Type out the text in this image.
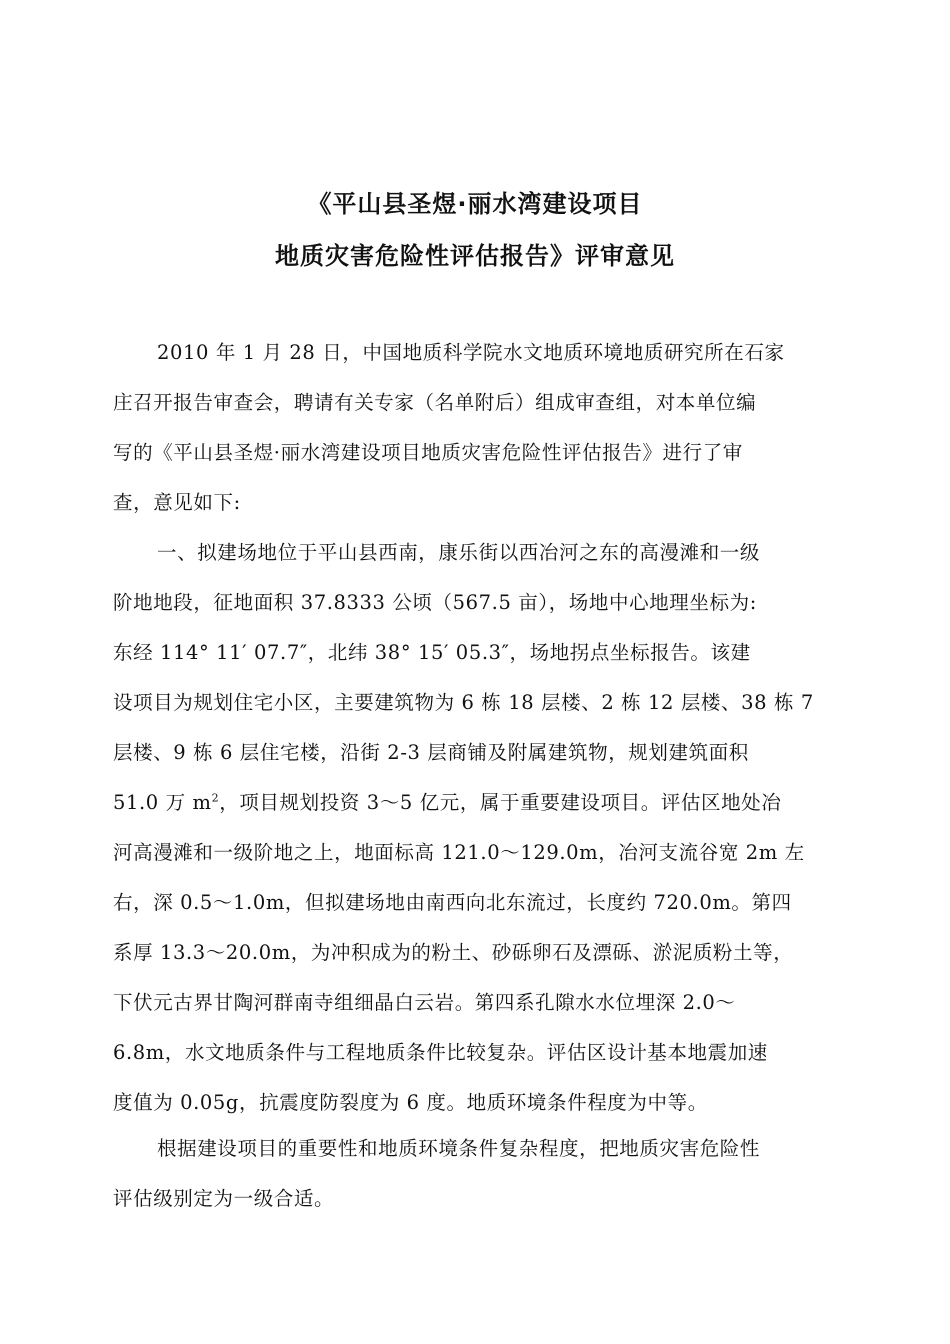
《平山县圣煜·丽水湾建设项目
地质灾害危险性评估报告》评审意见
2010 年 1 月 28 日，中国地质科学院水文地质环境地质研究所在石家
庄召开报告审查会，聘请有关专家（名单附后）组成审查组，对本单位编
写的《平山县圣煜·丽水湾建设项目地质灾害危险性评估报告》进行了审
查，意见如下:
一、拟建场地位于平山县西南，康乐街以西冶河之东的高漫滩和一级
阶地地段，征地面积 37.8333 公顷（567.5 亩），场地中心地理坐标为:
东经 114° 11′ 07.7″，北纬 38° 15′ 05.3″，场地拐点坐标报告。该建
设项目为规划住宅小区，主要建筑物为 6 栋 18 层楼、2 栋 12 层楼、38 栋 7
层楼、9 栋 6 层住宅楼，沿街 2-3 层商铺及附属建筑物，规划建筑面积
51.0 万 $m^2$，项目规划投资 3～5 亿元，属于重要建设项目。评估区地处冶
河高漫滩和一级阶地之上，地面标高 121.0～129.0m，冶河支流谷宽 2m 左
右，深 0.5～1.0m，但拟建场地由南西向北东流过，长度约 720.0m。第四
系厚 13.3～20.0m，为冲积成为的粉土、砂砾卵石及漂砾、淤泥质粉土等，
下伏元古界甘陶河群南寺组细晶白云岩。第四系孔隙水水位埋深 2.0～
6.8m，水文地质条件与工程地质条件比较复杂。评估区设计基本地震加速
度值为 0.05g，抗震度防裂度为 6 度。地质环境条件程度为中等。
根据建设项目的重要性和地质环境条件复杂程度，把地质灾害危险性
评估级别定为一级合适。
